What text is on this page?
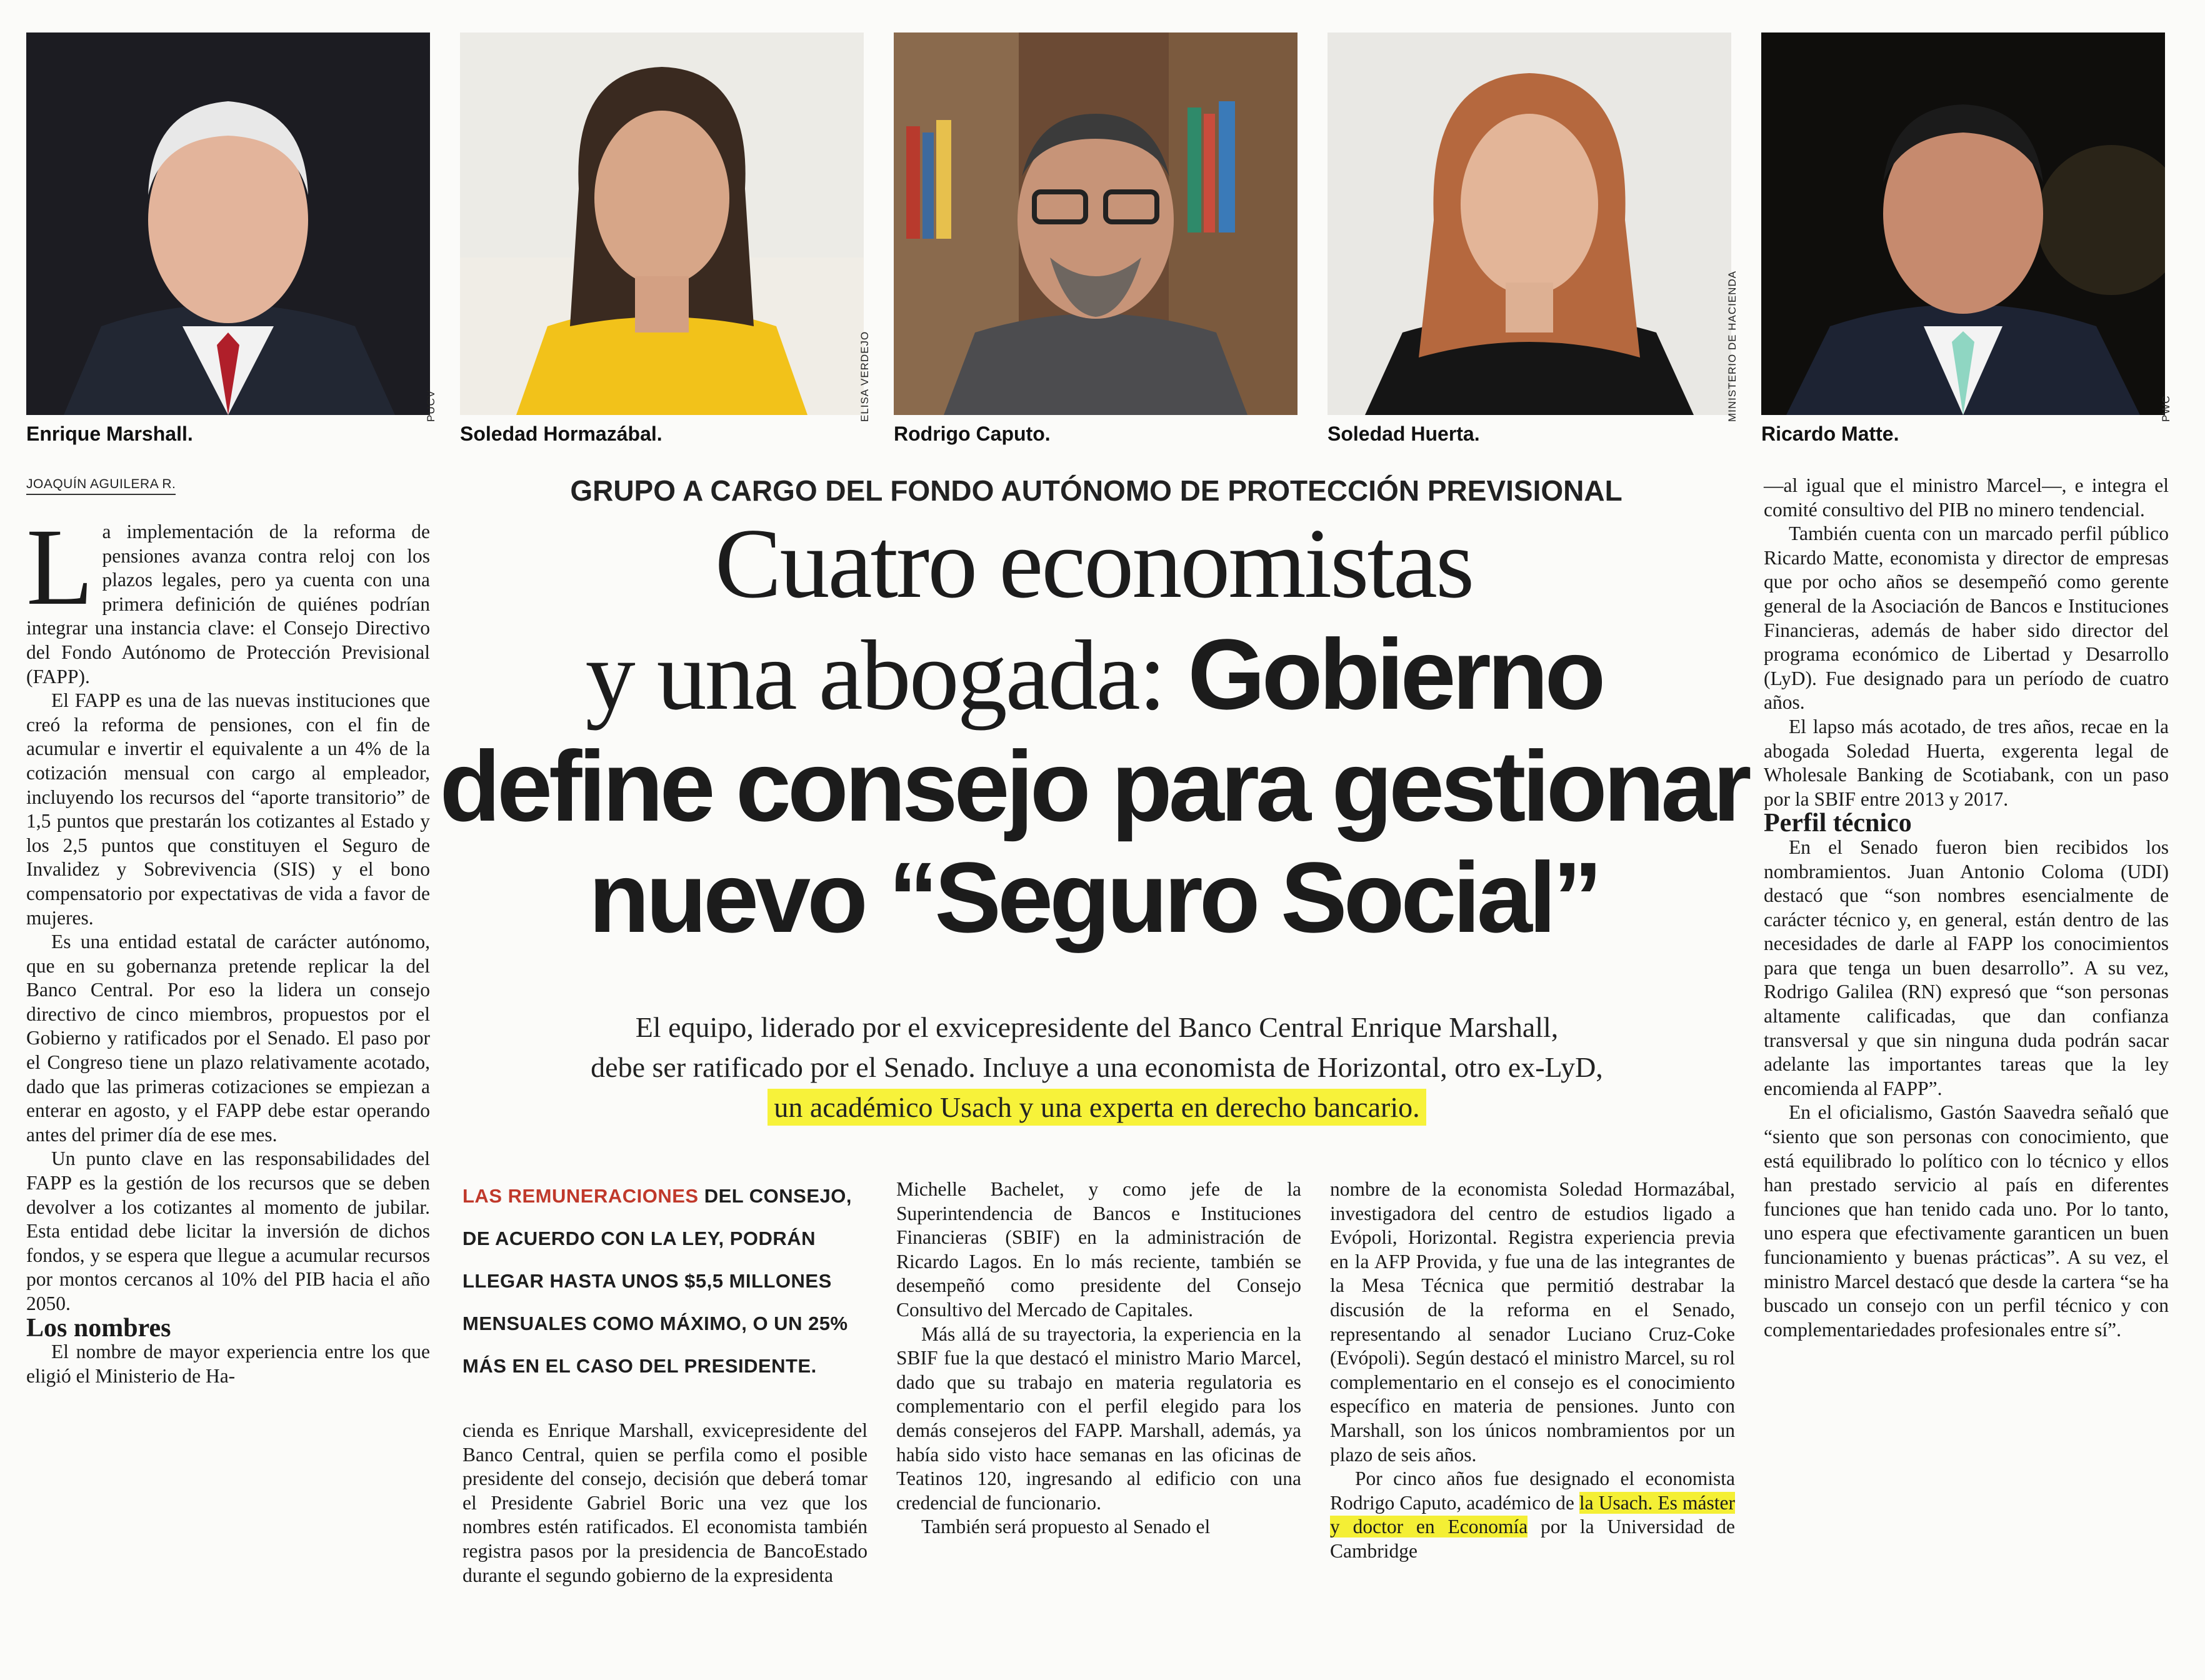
PUCV
Enrique Marshall.
ELISA VERDEJO
Soledad Hormazábal.	Rodrigo Caputo.
MINISTERIO DE HACIENDA
Soledad Huerta.
PWC
Ricardo Matte.
JOAQUÍN AGUILERA R.	GRUPO A CARGO DEL FONDO AUTÓNOMO DE PROTECCIÓN PREVISIONAL
Cuatro economistas
y una abogada: Gobierno
define consejo para gestionar
nuevo “Seguro Social”
El equipo, liderado por el exvicepresidente del Banco Central Enrique Marshall,
debe ser ratificado por el Senado. Incluye a una economista de Horizontal, otro ex-LyD,
un académico Usach y una experta en derecho bancario.
LAS REMUNERACIONES DEL CONSEJO, DE ACUERDO CON LA LEY, PODRÁN LLEGAR HASTA UNOS $5,5 MILLONES MENSUALES COMO MÁXIMO, O UN 25% MÁS EN EL CASO DEL PRESIDENTE.

La implementación de la reforma de pensiones avanza contra reloj con los plazos legales, pero ya cuenta con una primera definición de quiénes podrían integrar una instancia clave: el Consejo Directivo del Fondo Autónomo de Protección Previsional (FAPP).

El FAPP es una de las nuevas instituciones que creó la reforma de pensiones, con el fin de acumular e invertir el equivalente a un 4% de la cotización mensual con cargo al empleador, incluyendo los recursos del “aporte transitorio” de 1,5 puntos que prestarán los cotizantes al Estado y los 2,5 puntos que constituyen el Seguro de Invalidez y Sobrevivencia (SIS) y el bono compensatorio por expectativas de vida a favor de mujeres.

Es una entidad estatal de carácter autónomo, que en su gobernanza pretende replicar la del Banco Central. Por eso la lidera un consejo directivo de cinco miembros, propuestos por el Gobierno y ratificados por el Senado. El paso por el Congreso tiene un plazo relativamente acotado, dado que las primeras cotizaciones se empiezan a enterar en agosto, y el FAPP debe estar operando antes del primer día de ese mes.

Un punto clave en las responsabilidades del FAPP es la gestión de los recursos que se deben devolver a los cotizantes al momento de jubilar. Esta entidad debe licitar la inversión de dichos fondos, y se espera que llegue a acumular recursos por montos cercanos al 10% del PIB hacia el año 2050.

Los nombres

El nombre de mayor experiencia entre los que eligió el Ministerio de Ha-

cienda es Enrique Marshall, exvicepresidente del Banco Central, quien se perfila como el posible presidente del consejo, decisión que deberá tomar el Presidente Gabriel Boric una vez que los nombres estén ratificados. El economista también registra pasos por la presidencia de BancoEstado durante el segundo gobierno de la expresidenta

Michelle Bachelet, y como jefe de la Superintendencia de Bancos e Instituciones Financieras (SBIF) en la administración de Ricardo Lagos. En lo más reciente, también se desempeñó como presidente del Consejo Consultivo del Mercado de Capitales.

Más allá de su trayectoria, la experiencia en la SBIF fue la que destacó el ministro Mario Marcel, dado que su trabajo en materia regulatoria es complementario con el perfil elegido para los demás consejeros del FAPP. Marshall, además, ya había sido visto hace semanas en las oficinas de Teatinos 120, ingresando al edificio con una credencial de funcionario.

También será propuesto al Senado el

nombre de la economista Soledad Hormazábal, investigadora del centro de estudios ligado a Evópoli, Horizontal. Registra experiencia previa en la AFP Provida, y fue una de las integrantes de la Mesa Técnica que permitió destrabar la discusión de la reforma en el Senado, representando al senador Luciano Cruz-Coke (Evópoli). Según destacó el ministro Marcel, su rol complementario en el consejo es el conocimiento específico en materia de pensiones. Junto con Marshall, son los únicos nombramientos por un plazo de seis años.

Por cinco años fue designado el economista Rodrigo Caputo, académico de la Usach. Es máster y doctor en Economía por la Universidad de Cambridge

—al igual que el ministro Marcel—, e integra el comité consultivo del PIB no minero tendencial.

También cuenta con un marcado perfil público Ricardo Matte, economista y director de empresas que por ocho años se desempeñó como gerente general de la Asociación de Bancos e Instituciones Financieras, además de haber sido director del programa económico de Libertad y Desarrollo (LyD). Fue designado para un período de cuatro años.

El lapso más acotado, de tres años, recae en la abogada Soledad Huerta, exgerenta legal de Wholesale Banking de Scotiabank, con un paso por la SBIF entre 2013 y 2017.

Perfil técnico

En el Senado fueron bien recibidos los nombramientos. Juan Antonio Coloma (UDI) destacó que “son nombres esencialmente de carácter técnico y, en general, están dentro de las necesidades de darle al FAPP los conocimientos para que tenga un buen desarrollo”. A su vez, Rodrigo Galilea (RN) expresó que “son personas altamente calificadas, que dan confianza transversal y que sin ninguna duda podrán sacar adelante las importantes tareas que la ley encomienda al FAPP”.

En el oficialismo, Gastón Saavedra señaló que “siento que son personas con conocimiento, que está equilibrado lo político con lo técnico y ellos han prestado servicio al país en diferentes funciones que han tenido cada uno. Por lo tanto, uno espera que efectivamente garanticen un buen funcionamiento y buenas prácticas”. A su vez, el ministro Marcel destacó que desde la cartera “se ha buscado un consejo con un perfil técnico y con complementariedades profesionales entre sí”.
